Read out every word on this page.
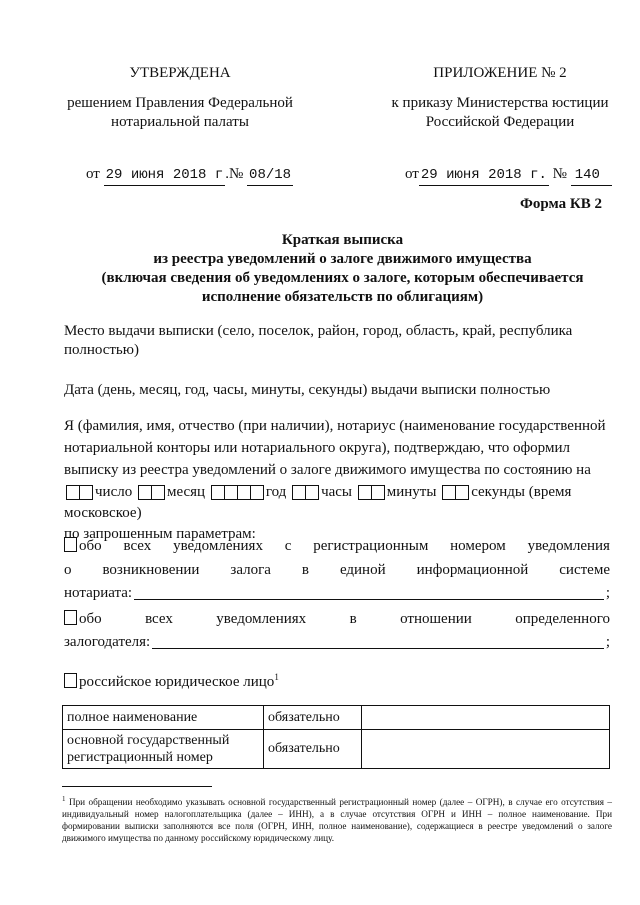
УТВЕРЖДЕНА
решением Правления Федеральной
нотариальной палаты
от 29 июня 2018 г .№ 08/18
ПРИЛОЖЕНИЕ № 2
к приказу Министерства юстиции
Российской Федерации
от 29 июня 2018 г. № 140
Форма КВ 2
Краткая выписка
из реестра уведомлений о залоге движимого имущества
(включая сведения об уведомлениях о залоге, которым обеспечивается
исполнение обязательств по облигациям)
Место выдачи выписки (село, поселок, район, город, область, край, республика
полностью)
Дата (день, месяц, год, часы, минуты, секунды) выдачи выписки полностью
Я (фамилия, имя, отчество (при наличии), нотариус (наименование государственной
нотариальной конторы или нотариального округа), подтверждаю, что оформил
выписку из реестра уведомлений о залоге движимого имущества по состоянию на
число месяц	год часы минуты секунды (время
московское)
по запрошенным параметрам:
обо всех уведомлениях с регистрационным номером уведомления
о возникновении залога в единой информационной системе
нотариата:	;
обо	всех	уведомлениях	в	отношении	определенного
залогодателя:	;
российское юридическое лицо$^1$
полное наименование	обязательно	
основной государственный регистрационный номер	обязательно	
$^1$ При обращении необходимо указывать основной государственный регистрационный номер (далее – ОГРН), в случае его отсутствия – индивидуальный номер налогоплательщика (далее – ИНН), а в случае отсутствия ОГРН и ИНН – полное наименование. При формировании выписки заполняются все поля (ОГРН, ИНН, полное наименование), содержащиеся в реестре уведомлений о залоге движимого имущества по данному российскому юридическому лицу.
